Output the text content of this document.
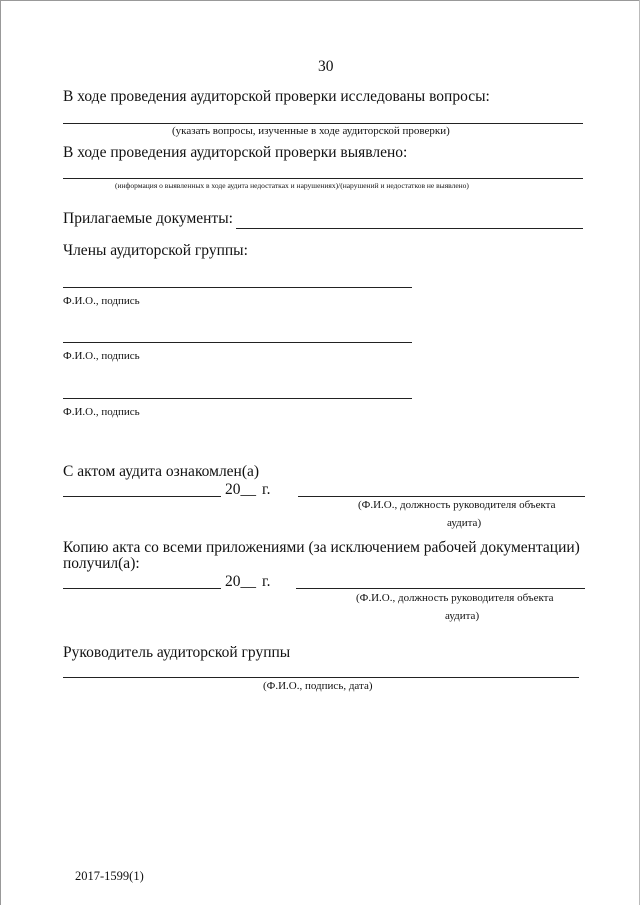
30
В ходе проведения аудиторской проверки исследованы вопросы:
(указать вопросы, изученные в ходе аудиторской проверки)
В ходе проведения аудиторской проверки выявлено:
(информация о выявленных в ходе аудита недостатках и нарушениях)/(нарушений и недостатков не выявлено)
Прилагаемые документы:
Члены аудиторской группы:
Ф.И.О., подпись
Ф.И.О., подпись
Ф.И.О., подпись
С актом аудита ознакомлен(а)
20__ г.
(Ф.И.О., должность руководителя объекта
аудита)
Копию акта со всеми приложениями (за исключением рабочей документации)
получил(а):
20__ г.
(Ф.И.О., должность руководителя объекта
аудита)
Руководитель аудиторской группы
(Ф.И.О., подпись, дата)
2017-1599(1)
